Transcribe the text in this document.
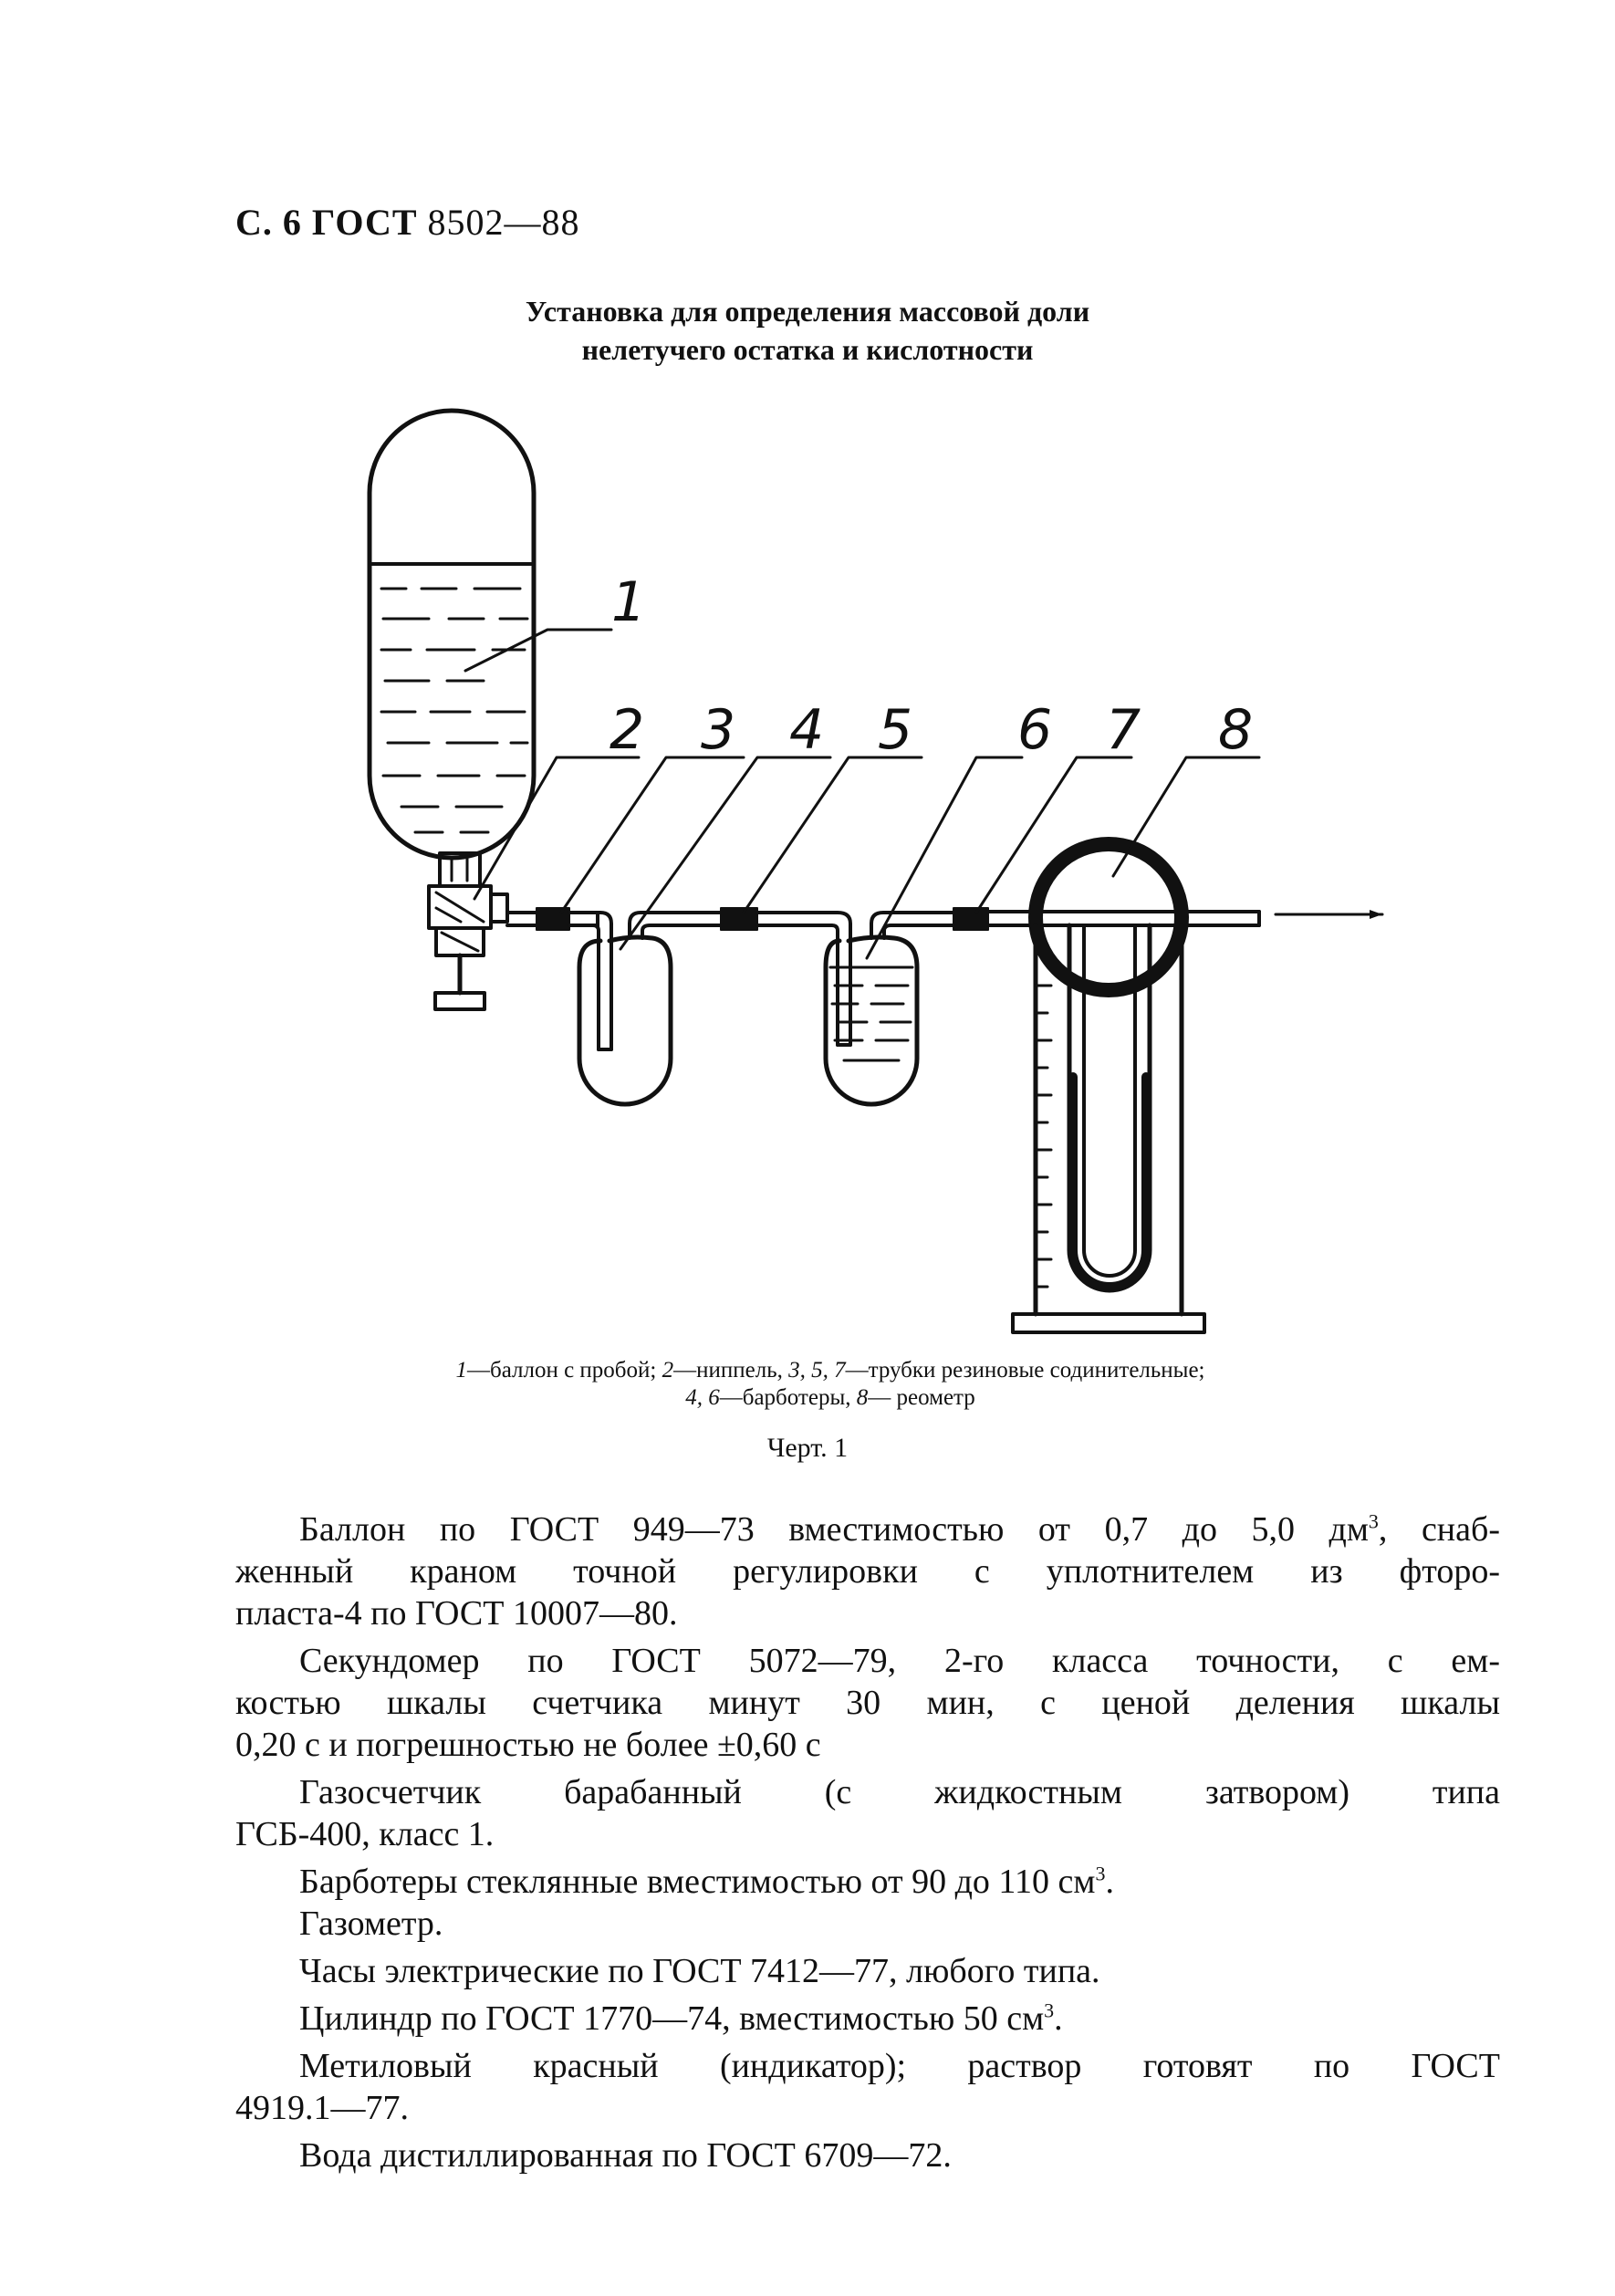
С. 6 ГОСТ 8502—88
Установка для определения массовой доли
нелетучего остатка и кислотности
1
2 3 4 5 6 7 8
1—баллон с пробой; 2—ниппель, 3, 5, 7—трубки резиновые содинительные;
4, 6—барботеры, 8— реометр
Черт. 1
Баллон по ГОСТ 949—73 вместимостью от 0,7 до 5,0 $дм^3$, снаб-
женный краном точной регулировки с уплотнителем из фторо-
пласта-4 по ГОСТ 10007—80.
Секундомер по ГОСТ 5072—79, 2-го класса точности, с ем-
костью шкалы счетчика минут 30 мин, с ценой деления шкалы
0,20 с и погрешностью не более ±0,60 с
Газосчетчик барабанный (с жидкостным затвором) типа
ГСБ-400, класс 1.
Барботеры стеклянные вместимостью от 90 до 110 $см^3$.
Газометр.
Часы электрические по ГОСТ 7412—77, любого типа.
Цилиндр по ГОСТ 1770—74, вместимостью 50 $см^3$.
Метиловый красный (индикатор); раствор готовят по ГОСТ
4919.1—77.
Вода дистиллированная по ГОСТ 6709—72.
